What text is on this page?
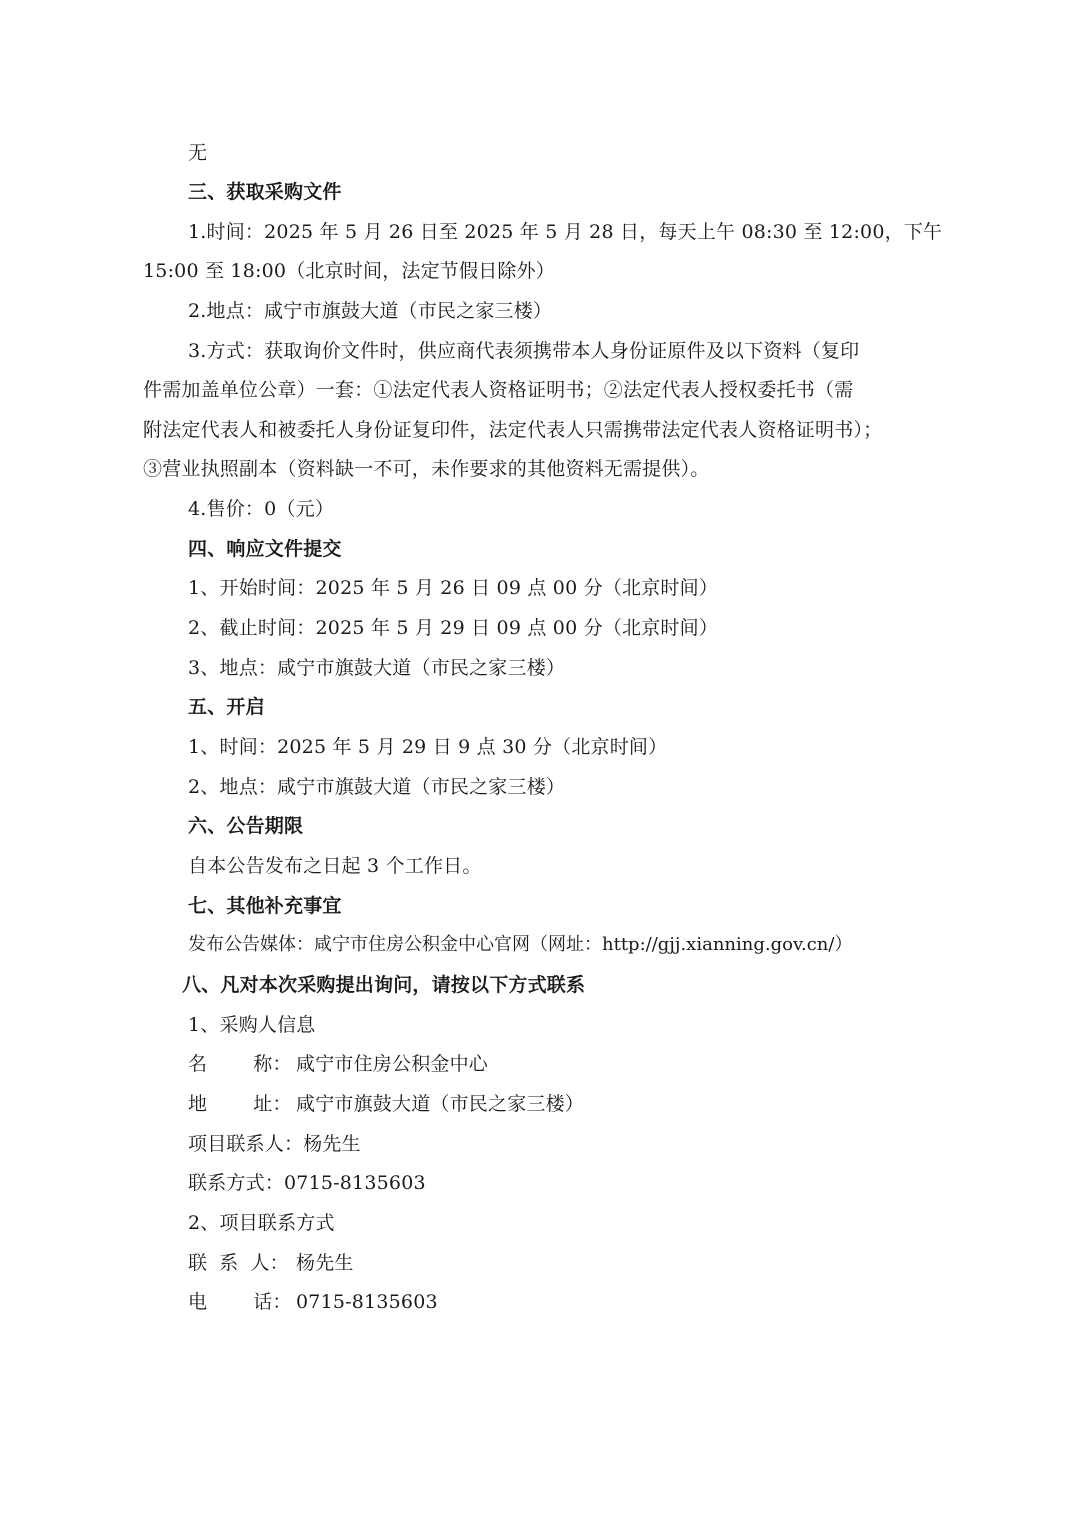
无
三、获取采购文件
1.时间：2025 年 5 月 26 日至 2025 年 5 月 28 日，每天上午 08:30 至 12:00，下午
15:00 至 18:00（北京时间，法定节假日除外）
2.地点：咸宁市旗鼓大道（市民之家三楼）
3.方式：获取询价文件时，供应商代表须携带本人身份证原件及以下资料（复印
件需加盖单位公章）一套：①法定代表人资格证明书；②法定代表人授权委托书（需
附法定代表人和被委托人身份证复印件，法定代表人只需携带法定代表人资格证明书）；
③营业执照副本（资料缺一不可，未作要求的其他资料无需提供）。
4.售价：0（元）
四、响应文件提交
1、开始时间：2025 年 5 月 26 日 09 点 00 分（北京时间）
2、截止时间：2025 年 5 月 29 日 09 点 00 分（北京时间）
3、地点：咸宁市旗鼓大道（市民之家三楼）
五、开启
1、时间：2025 年 5 月 29 日 9 点 30 分（北京时间）
2、地点：咸宁市旗鼓大道（市民之家三楼）
六、公告期限
自本公告发布之日起 3 个工作日。
七、其他补充事宜
发布公告媒体：咸宁市住房公积金中心官网（网址：http://gjj.xianning.gov.cn/）
八、凡对本次采购提出询问，请按以下方式联系
1、采购人信息
名 称： 咸宁市住房公积金中心
地 址： 咸宁市旗鼓大道（市民之家三楼）
项目联系人：杨先生
联系方式：0715-8135603
2、项目联系方式
联 系 人： 杨先生
电 话： 0715-8135603
